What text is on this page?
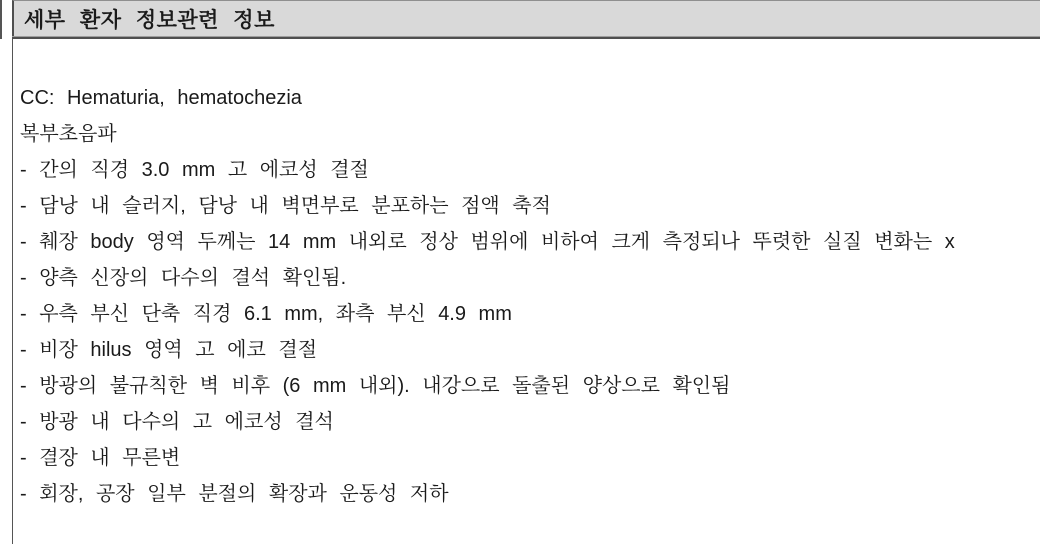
세부 환자 정보관련 정보
CC: Hematuria, hematochezia
복부초음파
- 간의 직경 3.0 mm 고 에코성 결절
- 담낭 내 슬러지, 담낭 내 벽면부로 분포하는 점액 축적
- 췌장 body 영역 두께는 14 mm 내외로 정상 범위에 비하여 크게 측정되나 뚜렷한 실질 변화는 x
- 양측 신장의 다수의 결석 확인됨.
- 우측 부신 단축 직경 6.1 mm, 좌측 부신 4.9 mm
- 비장 hilus 영역 고 에코 결절
- 방광의 불규칙한 벽 비후 (6 mm 내외). 내강으로 돌출된 양상으로 확인됨
- 방광 내 다수의 고 에코성 결석
- 결장 내 무른변
- 회장, 공장 일부 분절의 확장과 운동성 저하
